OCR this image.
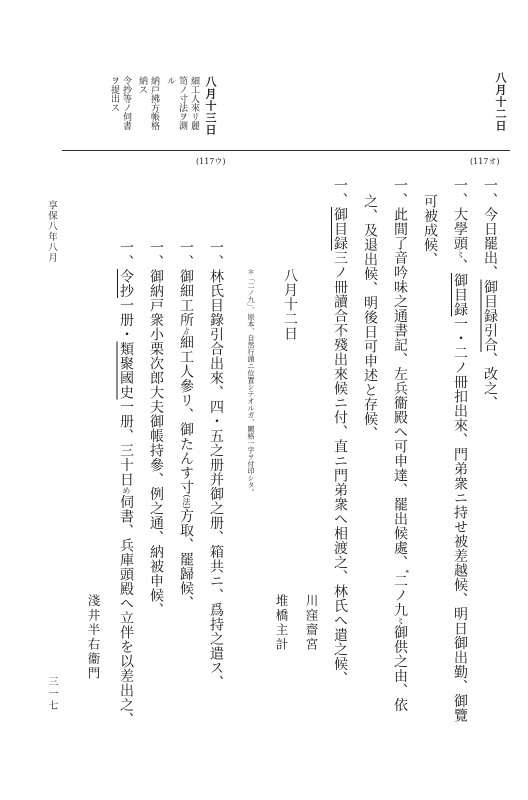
八月十二日
八月十三日
細工人來リ麗
笥ノ寸法ヲ測
ル
納戸拂方帳格
納ス
令抄等ノ伺書
ヲ提出ス
(117オ)
(117ウ)
一、今日罷出、御目録引合、改之、
一、大學頭〻、御目録一・二ノ冊扣出來、門弟衆ニ持せ被差越候、明日御出勤、御覽
可被成候、
一、此間了音吟味之通書記、左兵衞殿へ可申達、罷出候處、*二ノ九〻御供之由、依
之、及退出候、明後日可申述と存候、
一、御目録三ノ冊讀合不殘出來候ニ付、直ニ門弟衆へ相渡之、林氏へ遣之候、
川窪齋宮
堆橋主計
八月十二日
＊「二ノ九」、原本、自然行頭ニ位置シテオルガ、闕格一字ヲ付印シタ。
一、林氏目錄引合出來、四・五之册并御之册、箱共ニ、爲持之遣ス、
一、御細工所ゟ細工人參リ、御たんす寸(法)方取、罷歸候、
一、御納戸衆小栗次郎大夫御帳持參、例之通、納被申候、
一、令抄一册・類聚國史一册、三十日め伺書、兵庫頭殿へ立伴を以差出之、
淺井半右衞門
享保八年八月
三一七
